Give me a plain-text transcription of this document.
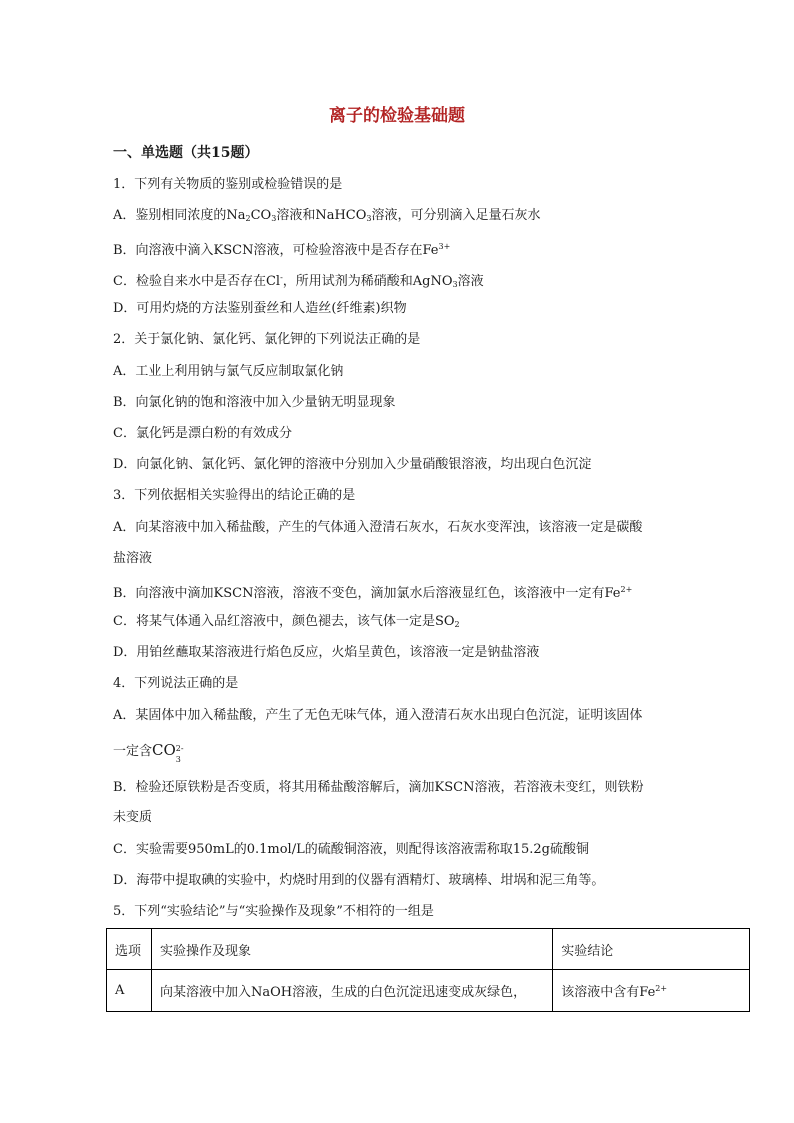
离子的检验基础题
一、单选题（共15题）
1．下列有关物质的鉴别或检验错误的是
A．鉴别相同浓度的$Na_2CO_3$溶液和NaHCO$_3$溶液，可分别滴入足量石灰水
B．向溶液中滴入KSCN溶液，可检验溶液中是否存在$Fe^{3+}$
C．检验自来水中是否存在Cl-，所用试剂为稀硝酸和AgNO$_3$溶液
D．可用灼烧的方法鉴别蚕丝和人造丝(纤维素)织物
2．关于氯化钠、氯化钙、氯化钾的下列说法正确的是
A．工业上利用钠与氯气反应制取氯化钠
B．向氯化钠的饱和溶液中加入少量钠无明显现象
C．氯化钙是漂白粉的有效成分
D．向氯化钠、氯化钙、氯化钾的溶液中分别加入少量硝酸银溶液，均出现白色沉淀
3．下列依据相关实验得出的结论正确的是
A．向某溶液中加入稀盐酸，产生的气体通入澄清石灰水，石灰水变浑浊，该溶液一定是碳酸
盐溶液
B．向溶液中滴加KSCN溶液，溶液不变色，滴加氯水后溶液显红色，该溶液中一定有$Fe^{2+}$
C．将某气体通入品红溶液中，颜色褪去，该气体一定是$SO_2$
D．用铂丝蘸取某溶液进行焰色反应，火焰呈黄色，该溶液一定是钠盐溶液
4．下列说法正确的是
A．某固体中加入稀盐酸，产生了无色无味气体，通入澄清石灰水出现白色沉淀，证明该固体
一定含CO 2-
3
B．检验还原铁粉是否变质，将其用稀盐酸溶解后，滴加KSCN溶液，若溶液未变红，则铁粉
未变质
C．实验需要950mL的0.1mol/L的硫酸铜溶液，则配得该溶液需称取15.2g硫酸铜
D．海带中提取碘的实验中，灼烧时用到的仪器有酒精灯、玻璃棒、坩埚和泥三角等。
5．下列“实验结论”与“实验操作及现象”不相符的一组是
选项	实验操作及现象	实验结论
A	向某溶液中加入NaOH溶液，生成的白色沉淀迅速变成灰绿色，	该溶液中含有$Fe^{2+}$
